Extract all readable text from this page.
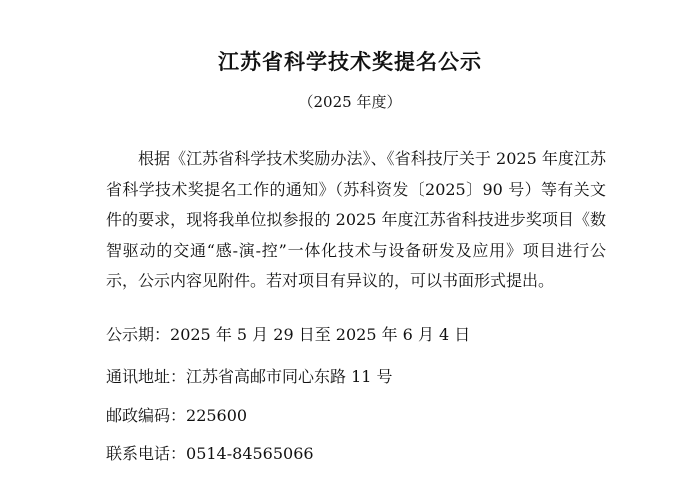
江苏省科学技术奖提名公示
（2025 年度）

根据《江苏省科学技术奖励办法》、《省科技厅关于 2025 年度江苏省科学技术奖提名工作的通知》（苏科资发〔2025〕90 号）等有关文件的要求，现将我单位拟参报的 2025 年度江苏省科技进步奖项目《数智驱动的交通“感-演-控”一体化技术与设备研发及应用》项目进行公示，公示内容见附件。若对项目有异议的，可以书面形式提出。

公示期：2025 年 5 月 29 日至 2025 年 6 月 4 日

通讯地址：江苏省高邮市同心东路 11 号

邮政编码：225600

联系电话：0514-84565066
